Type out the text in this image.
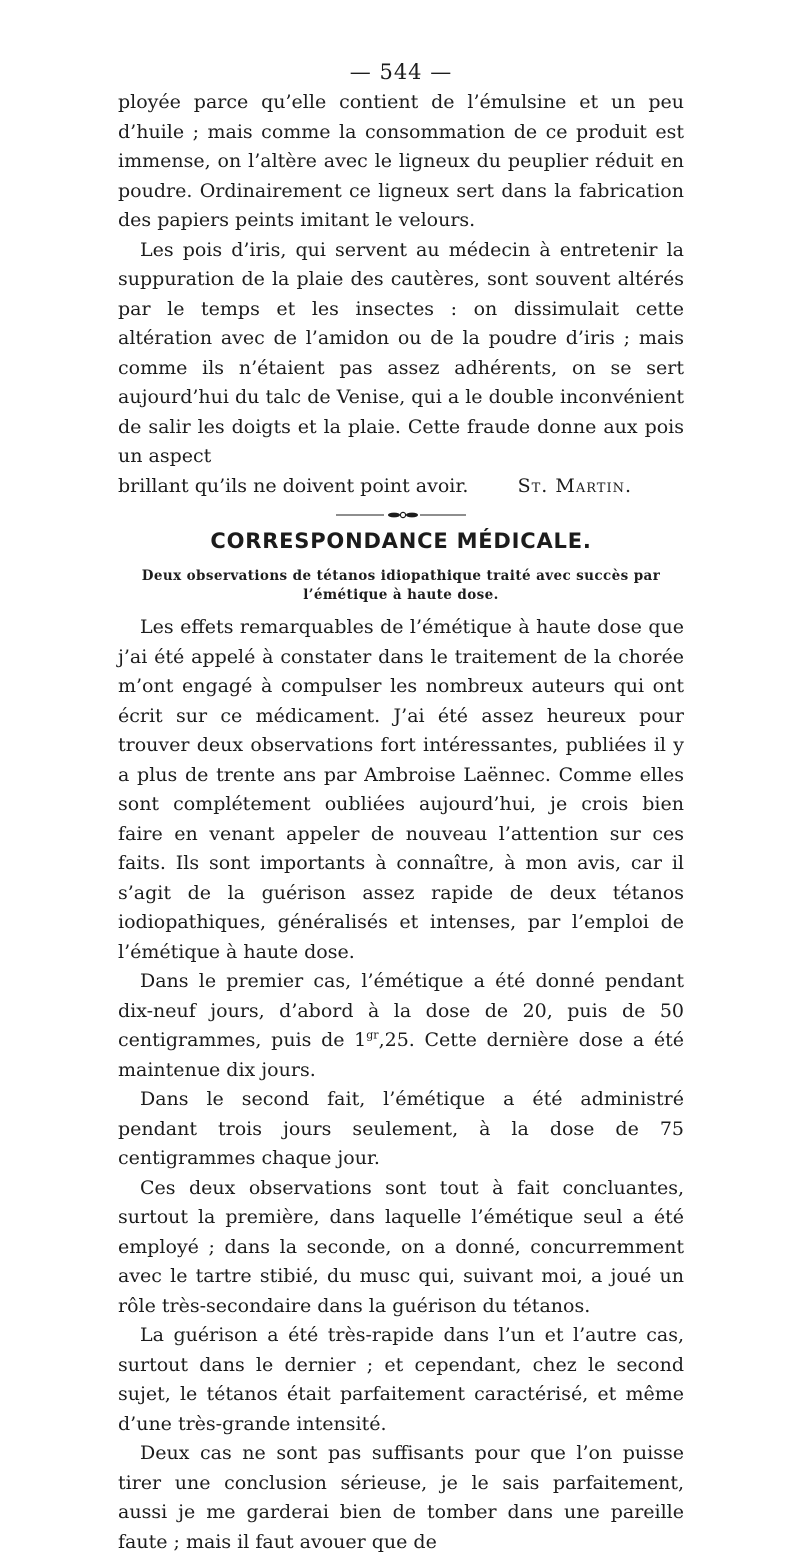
— 544 —

ployée parce qu’elle contient de l’émulsine et un peu d’huile ; mais comme la consommation de ce produit est immense, on l’altère avec le ligneux du peuplier réduit en poudre. Ordinairement ce ligneux sert dans la fabrication des papiers peints imitant le velours.

Les pois d’iris, qui servent au médecin à entretenir la suppuration de la plaie des cautères, sont souvent altérés par le temps et les insectes : on dissimulait cette altération avec de l’amidon ou de la poudre d’iris ; mais comme ils n’étaient pas assez adhérents, on se sert aujourd’hui du talc de Venise, qui a le double inconvénient de salir les doigts et la plaie. Cette fraude donne aux pois un aspect

brillant qu’ils ne doivent point avoir.	St. Martin.
CORRESPONDANCE MÉDICALE.
Deux observations de tétanos idiopathique traité avec succès par l’émétique à haute dose.

Les effets remarquables de l’émétique à haute dose que j’ai été appelé à constater dans le traitement de la chorée m’ont engagé à compulser les nombreux auteurs qui ont écrit sur ce médicament. J’ai été assez heureux pour trouver deux observations fort intéressantes, publiées il y a plus de trente ans par Ambroise Laënnec. Comme elles sont complétement oubliées aujourd’hui, je crois bien faire en venant appeler de nouveau l’attention sur ces faits. Ils sont importants à connaître, à mon avis, car il s’agit de la guérison assez rapide de deux tétanos iodiopathiques, généralisés et intenses, par l’emploi de l’émétique à haute dose.

Dans le premier cas, l’émétique a été donné pendant dix-neuf jours, d’abord à la dose de 20, puis de 50 centigrammes, puis de $1^{gr},25$. Cette dernière dose a été maintenue dix jours.

Dans le second fait, l’émétique a été administré pendant trois jours seulement, à la dose de 75 centigrammes chaque jour.

Ces deux observations sont tout à fait concluantes, surtout la première, dans laquelle l’émétique seul a été employé ; dans la seconde, on a donné, concurremment avec le tartre stibié, du musc qui, suivant moi, a joué un rôle très-secondaire dans la guérison du tétanos.

La guérison a été très-rapide dans l’un et l’autre cas, surtout dans le dernier ; et cependant, chez le second sujet, le tétanos était parfaitement caractérisé, et même d’une très-grande intensité.

Deux cas ne sont pas suffisants pour que l’on puisse tirer une conclusion sérieuse, je le sais parfaitement, aussi je me garderai bien de tomber dans une pareille faute ; mais il faut avouer que de
